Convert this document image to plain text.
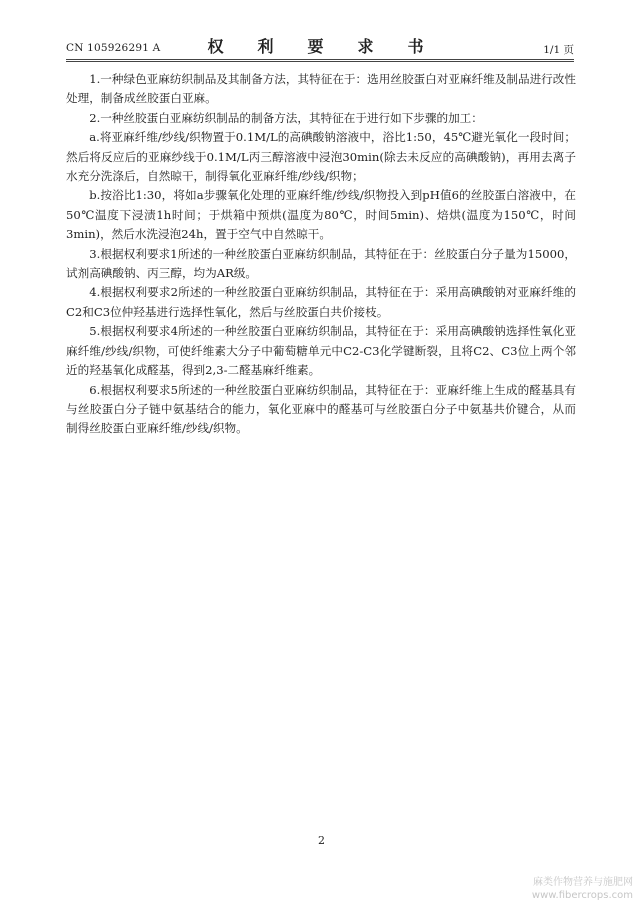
CN 105926291 A	权　利　要　求　书	1/1 页

1.一种绿色亚麻纺织制品及其制备方法，其特征在于：选用丝胶蛋白对亚麻纤维及制品进行改性处理，制备成丝胶蛋白亚麻。

2.一种丝胶蛋白亚麻纺织制品的制备方法，其特征在于进行如下步骤的加工：

a.将亚麻纤维/纱线/织物置于0.1M/L的高碘酸钠溶液中，浴比1:50，45℃避光氧化一段时间；然后将反应后的亚麻纱线于0.1M/L丙三醇溶液中浸泡30min(除去未反应的高碘酸钠)，再用去离子水充分洗涤后，自然晾干，制得氧化亚麻纤维/纱线/织物；

b.按浴比1:30，将如a步骤氧化处理的亚麻纤维/纱线/织物投入到pH值6的丝胶蛋白溶液中，在50℃温度下浸渍1h时间；于烘箱中预烘(温度为80℃，时间5min)、焙烘(温度为150℃，时间3min)，然后水洗浸泡24h，置于空气中自然晾干。

3.根据权利要求1所述的一种丝胶蛋白亚麻纺织制品，其特征在于：丝胶蛋白分子量为15000，试剂高碘酸钠、丙三醇，均为AR级。

4.根据权利要求2所述的一种丝胶蛋白亚麻纺织制品，其特征在于：采用高碘酸钠对亚麻纤维的C2和C3位仲羟基进行选择性氧化，然后与丝胶蛋白共价接枝。

5.根据权利要求4所述的一种丝胶蛋白亚麻纺织制品，其特征在于：采用高碘酸钠选择性氧化亚麻纤维/纱线/织物，可使纤维素大分子中葡萄糖单元中C2-C3化学键断裂，且将C2、C3位上两个邻近的羟基氧化成醛基，得到2,3-二醛基麻纤维素。

6.根据权利要求5所述的一种丝胶蛋白亚麻纺织制品，其特征在于：亚麻纤维上生成的醛基具有与丝胶蛋白分子链中氨基结合的能力，氧化亚麻中的醛基可与丝胶蛋白分子中氨基共价键合，从而制得丝胶蛋白亚麻纤维/纱线/织物。

2
麻类作物营养与施肥网
www.fibercrops.com
